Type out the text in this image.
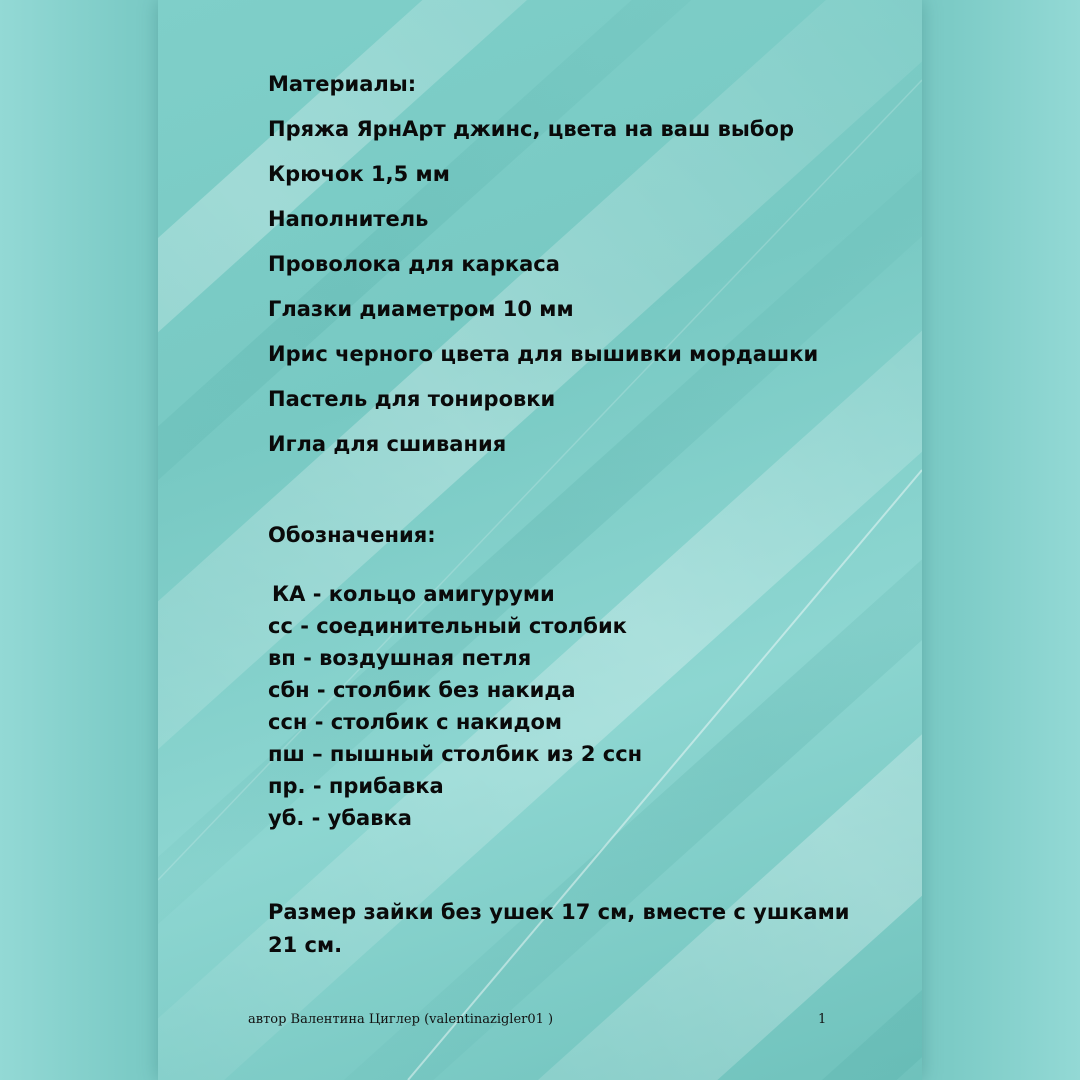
Материалы:
Пряжа ЯрнАрт джинс, цвета на ваш выбор
Крючок 1,5 мм
Наполнитель
Проволока для каркаса
Глазки диаметром 10 мм
Ирис черного цвета для вышивки мордашки
Пастель для тонировки
Игла для сшивания
Обозначения:
КА - кольцо амигуруми
сс - соединительный столбик
вп - воздушная петля
сбн - столбик без накида
ссн - столбик с накидом
пш – пышный столбик из 2 ссн
пр. - прибавка
уб. - убавка
Размер зайки без ушек 17 см, вместе с ушками 21 см.
автор Валентина Циглер (valentinazigler01 )	1
